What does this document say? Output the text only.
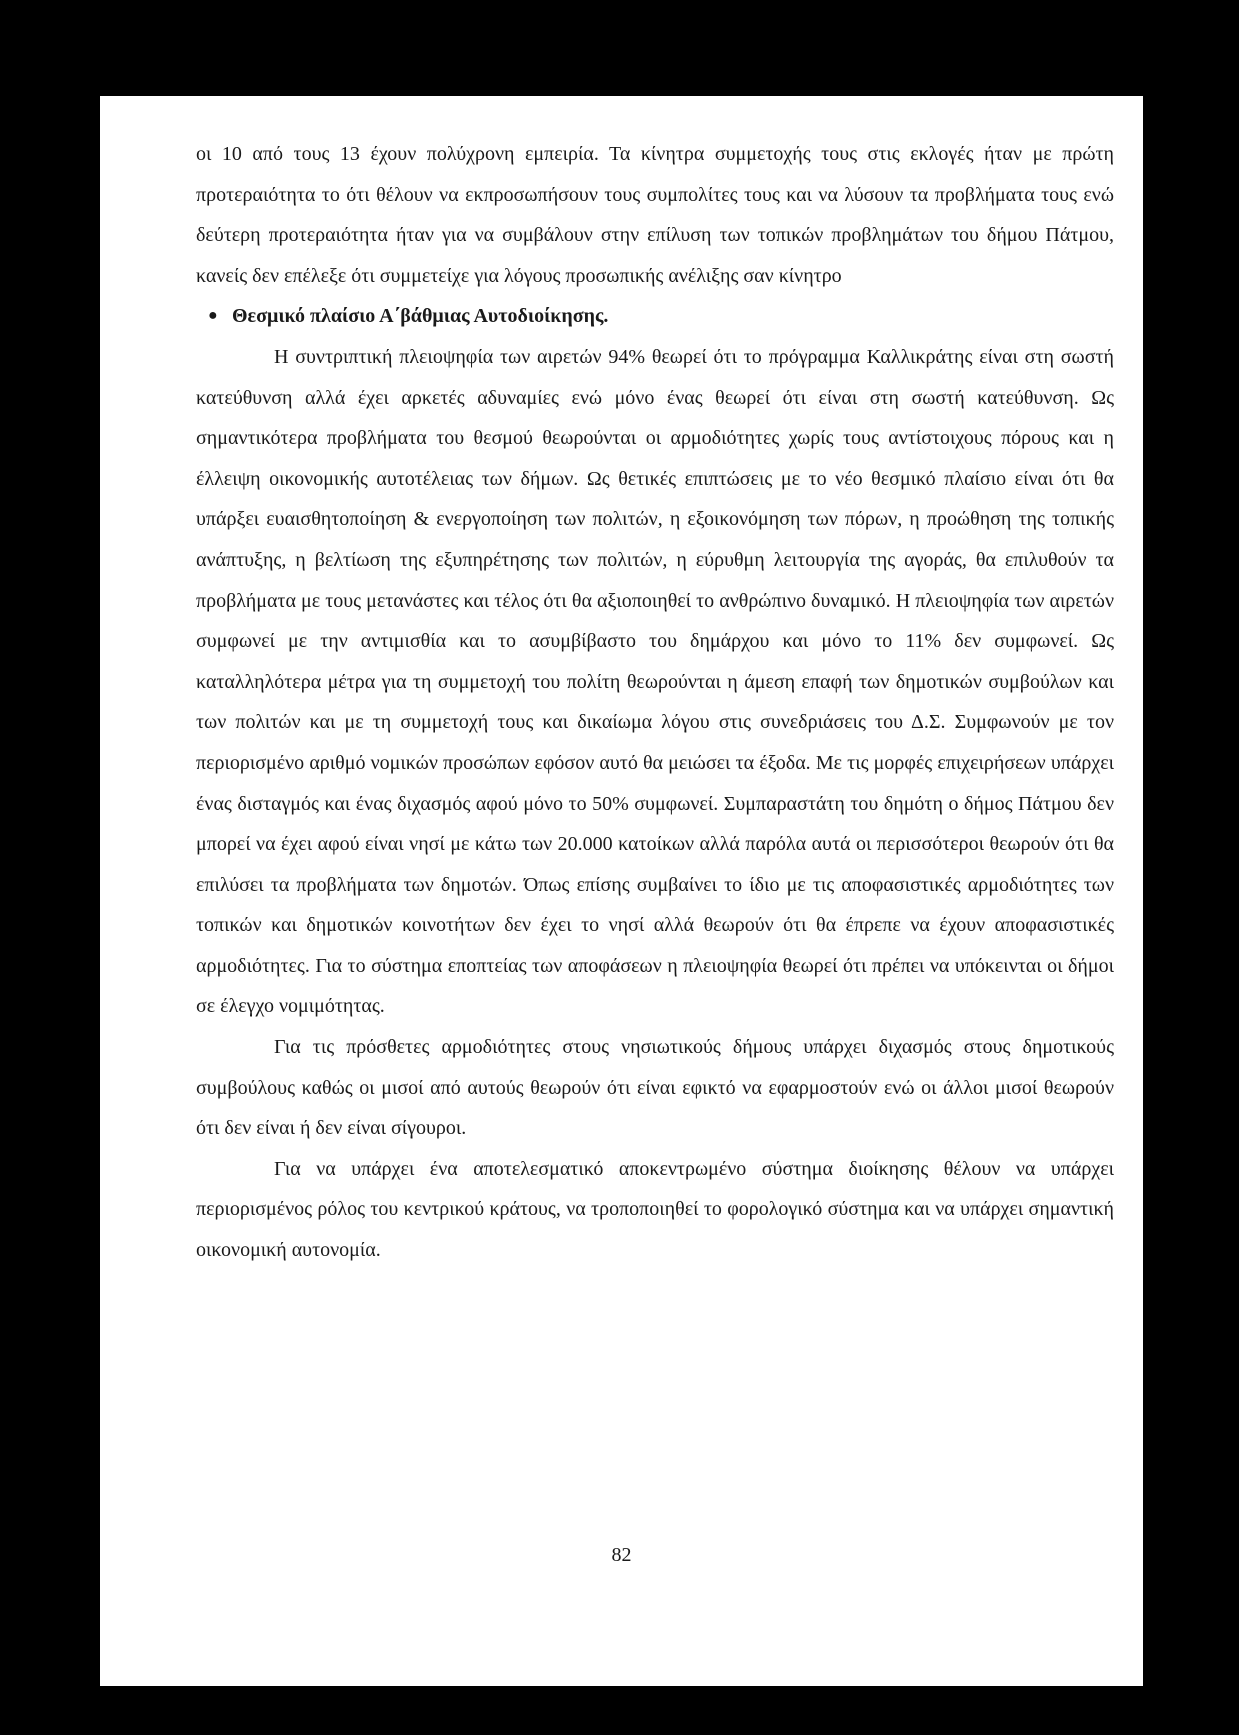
οι 10 από τους 13 έχουν πολύχρονη εμπειρία. Τα κίνητρα συμμετοχής τους στις εκλογές ήταν με πρώτη προτεραιότητα το ότι θέλουν να εκπροσωπήσουν τους συμπολίτες τους και να λύσουν τα προβλήματα τους ενώ δεύτερη προτεραιότητα ήταν για να συμβάλουν στην επίλυση των τοπικών προβλημάτων του δήμου Πάτμου, κανείς δεν επέλεξε ότι συμμετείχε για λόγους προσωπικής ανέλιξης σαν κίνητρο

● Θεσμικό πλαίσιο Α΄βάθμιας Αυτοδιοίκησης.

Η συντριπτική πλειοψηφία των αιρετών 94% θεωρεί ότι το πρόγραμμα Καλλικράτης είναι στη σωστή κατεύθυνση αλλά έχει αρκετές αδυναμίες ενώ μόνο ένας θεωρεί ότι είναι στη σωστή κατεύθυνση. Ως σημαντικότερα προβλήματα του θεσμού θεωρούνται οι αρμοδιότητες χωρίς τους αντίστοιχους πόρους και η έλλειψη οικονομικής αυτοτέλειας των δήμων. Ως θετικές επιπτώσεις με το νέο θεσμικό πλαίσιο είναι ότι θα υπάρξει ευαισθητοποίηση & ενεργοποίηση των πολιτών, η εξοικονόμηση των πόρων, η προώθηση της τοπικής ανάπτυξης, η βελτίωση της εξυπηρέτησης των πολιτών, η εύρυθμη λειτουργία της αγοράς, θα επιλυθούν τα προβλήματα με τους μετανάστες και τέλος ότι θα αξιοποιηθεί το ανθρώπινο δυναμικό. Η πλειοψηφία των αιρετών συμφωνεί με την αντιμισθία και το ασυμβίβαστο του δημάρχου και μόνο το 11% δεν συμφωνεί. Ως καταλληλότερα μέτρα για τη συμμετοχή του πολίτη θεωρούνται η άμεση επαφή των δημοτικών συμβούλων και των πολιτών και με τη συμμετοχή τους και δικαίωμα λόγου στις συνεδριάσεις του Δ.Σ. Συμφωνούν με τον περιορισμένο αριθμό νομικών προσώπων εφόσον αυτό θα μειώσει τα έξοδα. Με τις μορφές επιχειρήσεων υπάρχει ένας δισταγμός και ένας διχασμός αφού μόνο το 50% συμφωνεί. Συμπαραστάτη του δημότη ο δήμος Πάτμου δεν μπορεί να έχει αφού είναι νησί με κάτω των 20.000 κατοίκων αλλά παρόλα αυτά οι περισσότεροι θεωρούν ότι θα επιλύσει τα προβλήματα των δημοτών. Όπως επίσης συμβαίνει το ίδιο με τις αποφασιστικές αρμοδιότητες των τοπικών και δημοτικών κοινοτήτων δεν έχει το νησί αλλά θεωρούν ότι θα έπρεπε να έχουν αποφασιστικές αρμοδιότητες. Για το σύστημα εποπτείας των αποφάσεων η πλειοψηφία θεωρεί ότι πρέπει να υπόκεινται οι δήμοι σε έλεγχο νομιμότητας.

Για τις πρόσθετες αρμοδιότητες στους νησιωτικούς δήμους υπάρχει διχασμός στους δημοτικούς συμβούλους καθώς οι μισοί από αυτούς θεωρούν ότι είναι εφικτό να εφαρμοστούν ενώ οι άλλοι μισοί θεωρούν ότι δεν είναι ή δεν είναι σίγουροι.

Για να υπάρχει ένα αποτελεσματικό αποκεντρωμένο σύστημα διοίκησης θέλουν να υπάρχει περιορισμένος ρόλος του κεντρικού κράτους, να τροποποιηθεί το φορολογικό σύστημα και να υπάρχει σημαντική οικονομική αυτονομία.

82
